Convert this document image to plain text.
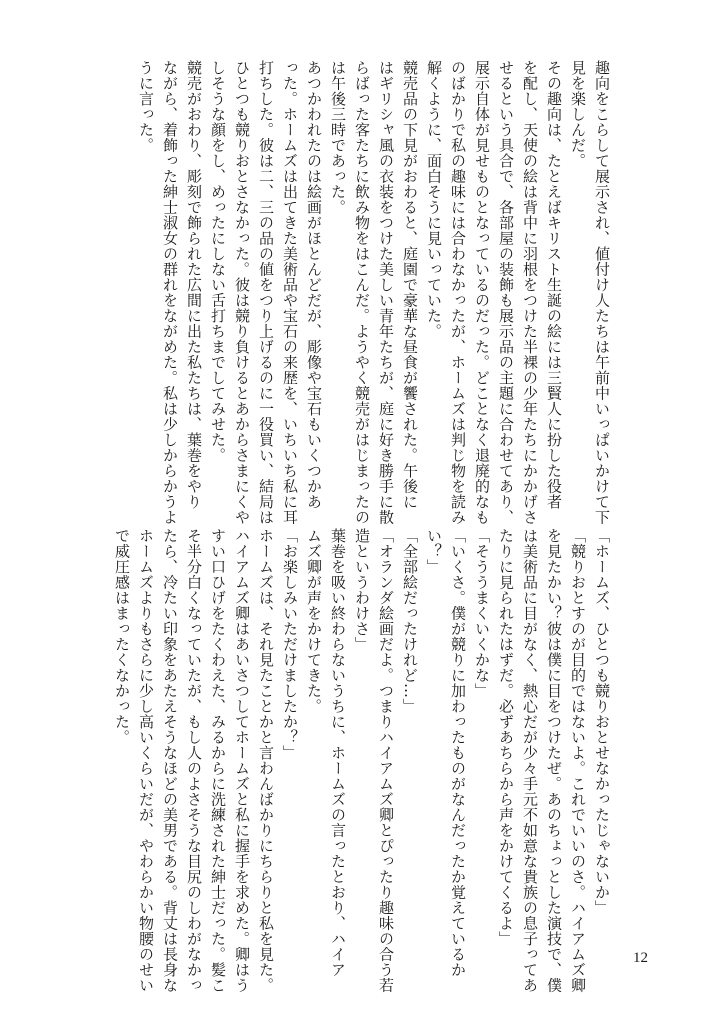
趣向をこらして展示され、値付け人たちは午前中いっぱいかけて下
見を楽しんだ。
その趣向は、たとえばキリスト生誕の絵には三賢人に扮した役者
を配し、天使の絵は背中に羽根をつけた半裸の少年たちにかかげさ
せるという具合で、各部屋の装飾も展示品の主題に合わせてあり、
展示自体が見せものとなっているのだった。どことなく退廃的なも
のばかりで私の趣味には合わなかったが、ホームズは判じ物を読み
解くように、面白そうに見いっていた。
競売品の下見がおわると、庭園で豪華な昼食が饗された。午後に
はギリシャ風の衣装をつけた美しい青年たちが、庭に好き勝手に散
らばった客たちに飲み物をはこんだ。ようやく競売がはじまったの
は午後三時であった。
あつかわれたのは絵画がほとんどだが、彫像や宝石もいくつかあ
った。ホームズは出てきた美術品や宝石の来歴を、いちいち私に耳
打ちした。彼は二、三の品の値をつり上げるのに一役買い、結局は
ひとつも競りおとさなかった。彼は競り負けるとあからさまにくや
しそうな顔をし、めったにしない舌打ちまでしてみせた。
競売がおわり、彫刻で飾られた広間に出た私たちは、葉巻をやり
ながら、着飾った紳士淑女の群れをながめた。私は少しからかうよ
うに言った。
「ホームズ、ひとつも競りおとせなかったじゃないか」
「競りおとすのが目的ではないよ。これでいいのさ。ハイアムズ卿
を見たかい？彼は僕に目をつけたぜ。あのちょっとした演技で、僕
は美術品に目がなく、熱心だが少々手元不如意な貴族の息子ってあ
たりに見られたはずだ。必ずあちらから声をかけてくるよ」
「そううまくいくかな」
「いくさ。僕が競りに加わったものがなんだったか覚えているか
い？」
「全部絵だったけれど…」
「オランダ絵画だよ。つまりハイアムズ卿とぴったり趣味の合う若
造というわけさ」
葉巻を吸い終わらないうちに、ホームズの言ったとおり、ハイア
ムズ卿が声をかけてきた。
「お楽しみいただけましたか？」
ホームズは、それ見たことかと言わんばかりにちらりと私を見た。
ハイアムズ卿はあいさつしてホームズと私に握手を求めた。卿はう
すい口ひげをたくわえた、みるからに洗練された紳士だった。髪こ
そ半分白くなっていたが、もし人のよさそうな目尻のしわがなかっ
たら、冷たい印象をあたえそうなほどの美男である。背丈は長身な
ホームズよりもさらに少し高いくらいだが、やわらかい物腰のせい
で威圧感はまったくなかった。
12
